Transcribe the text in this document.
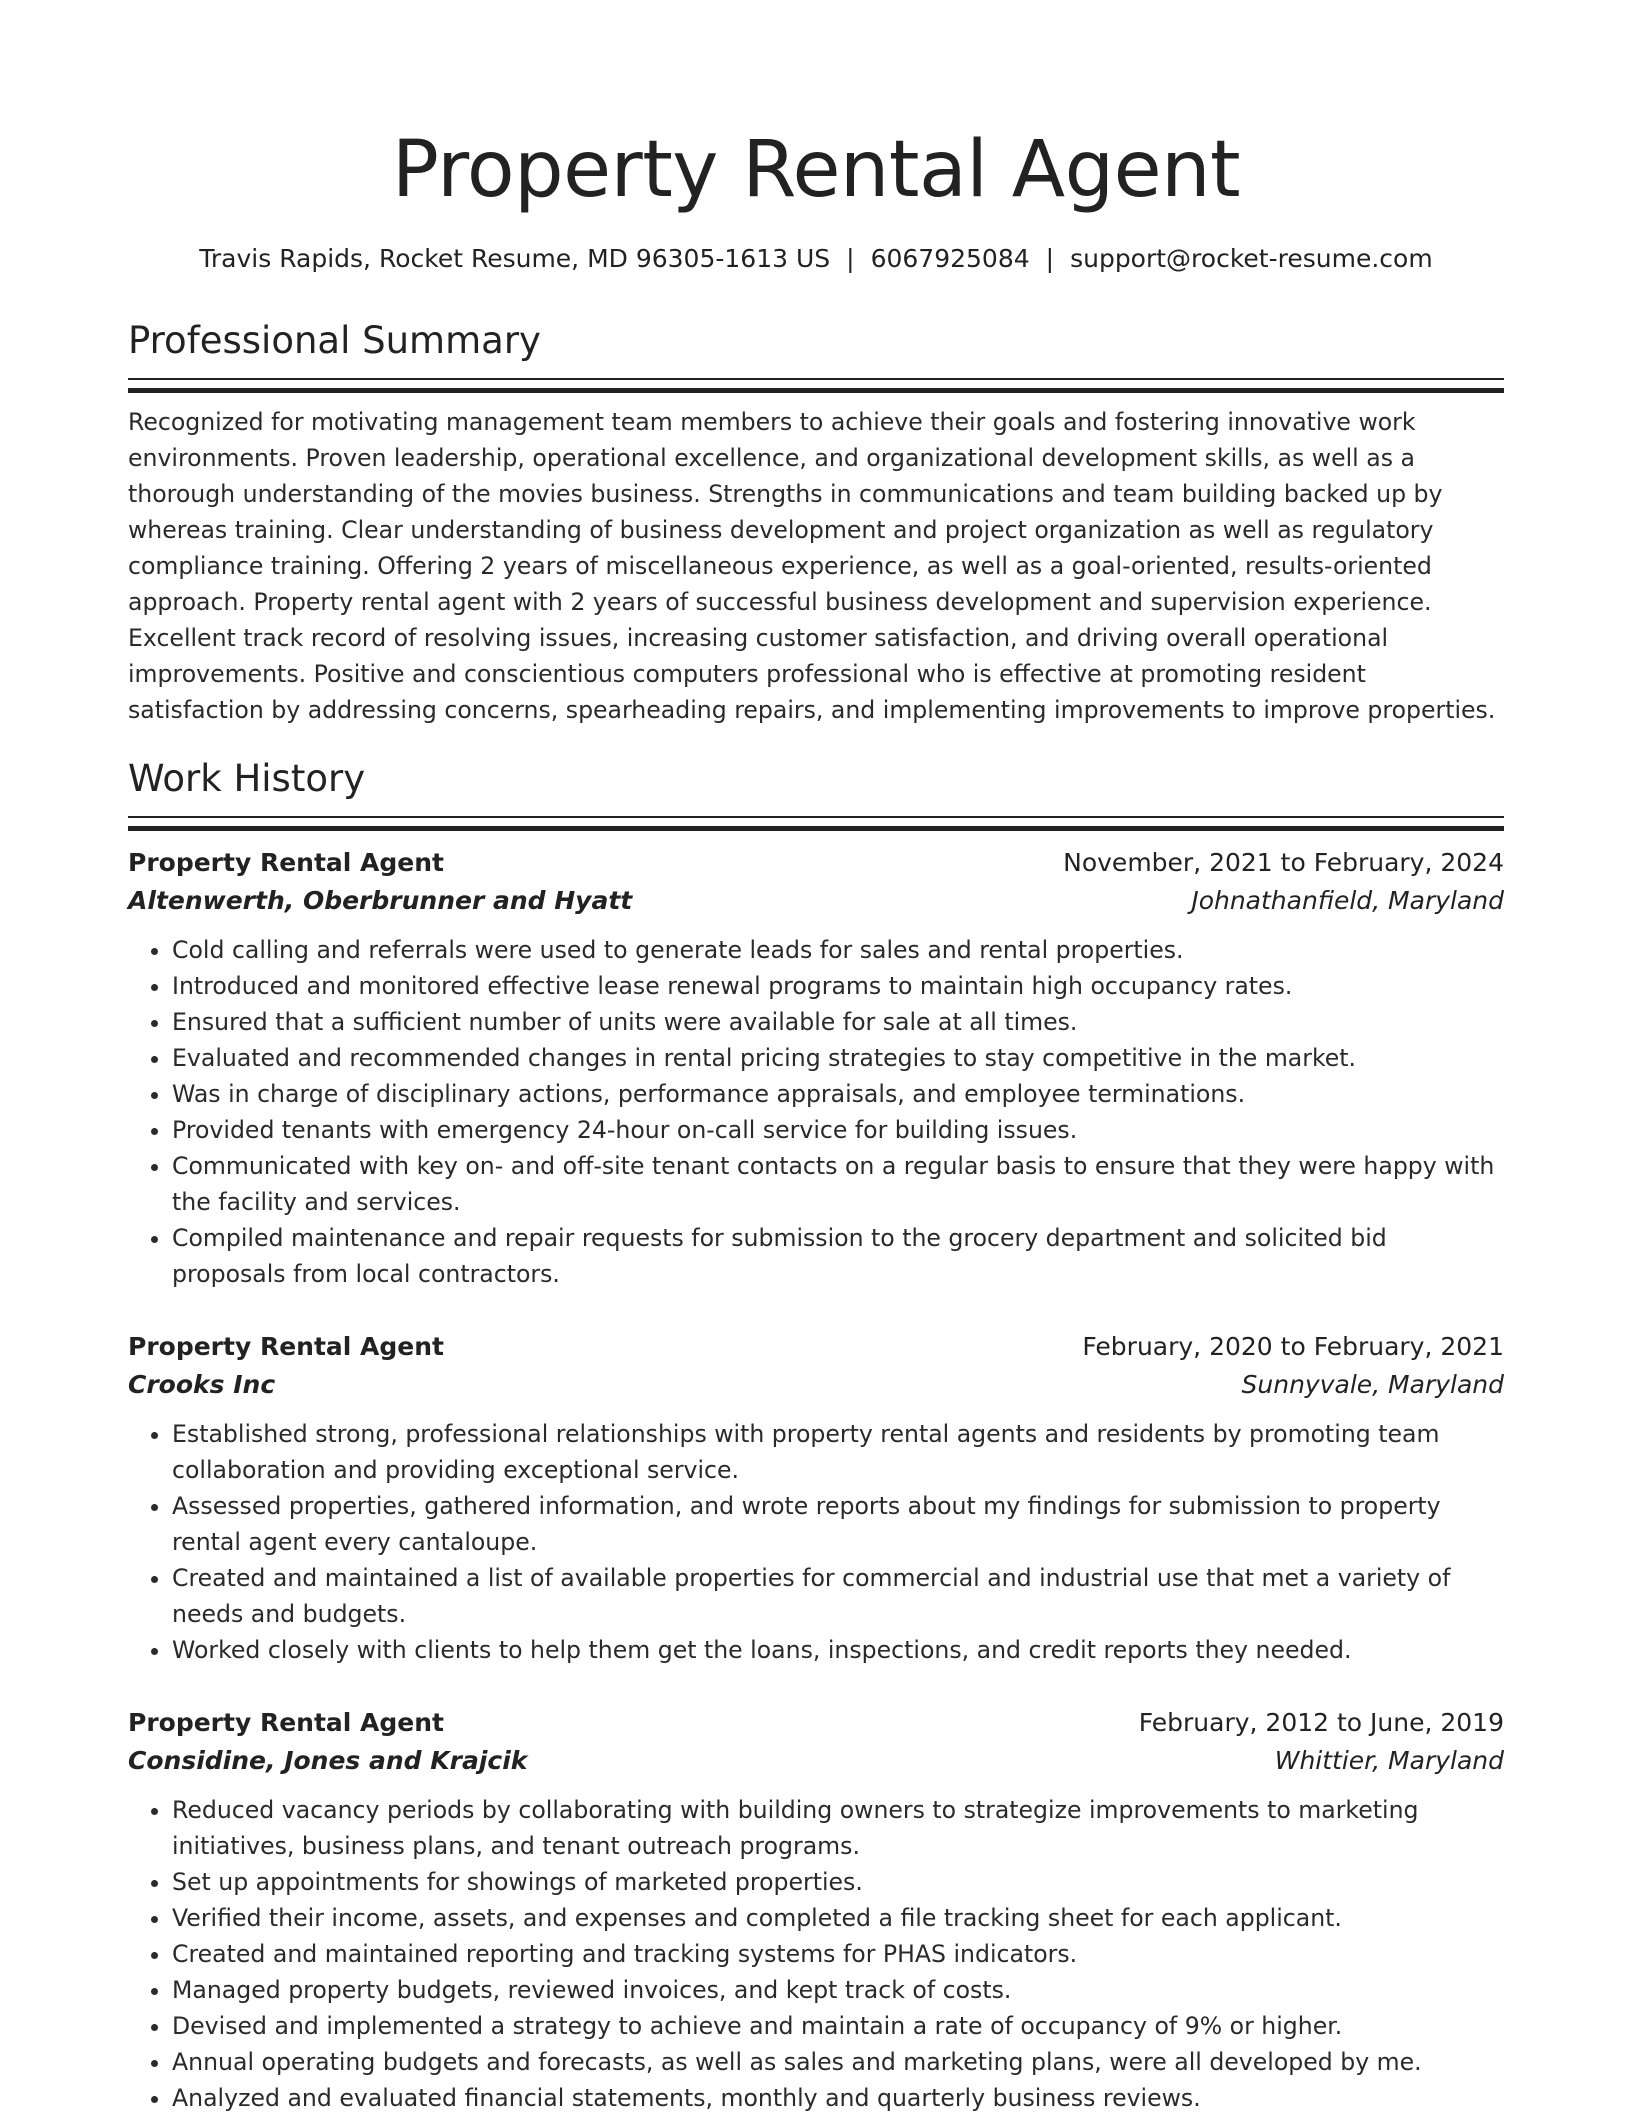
Property Rental Agent
Travis Rapids, Rocket Resume, MD 96305-1613 US | 6067925084 | support@rocket-resume.com
Professional Summary

Recognized for motivating management team members to achieve their goals and fostering innovative work environments. Proven leadership, operational excellence, and organizational development skills, as well as a thorough understanding of the movies business. Strengths in communications and team building backed up by whereas training. Clear understanding of business development and project organization as well as regulatory compliance training. Offering 2 years of miscellaneous experience, as well as a goal-oriented, results-oriented approach. Property rental agent with 2 years of successful business development and supervision experience. Excellent track record of resolving issues, increasing customer satisfaction, and driving overall operational improvements. Positive and conscientious computers professional who is effective at promoting resident satisfaction by addressing concerns, spearheading repairs, and implementing improvements to improve properties.

Work History
Property Rental Agent	November, 2021 to February, 2024
Altenwerth, Oberbrunner and Hyatt	Johnathanfield, Maryland
• Cold calling and referrals were used to generate leads for sales and rental properties.
• Introduced and monitored effective lease renewal programs to maintain high occupancy rates.
• Ensured that a sufficient number of units were available for sale at all times.
• Evaluated and recommended changes in rental pricing strategies to stay competitive in the market.
• Was in charge of disciplinary actions, performance appraisals, and employee terminations.
• Provided tenants with emergency 24-hour on-call service for building issues.
• Communicated with key on- and off-site tenant contacts on a regular basis to ensure that they were happy with the facility and services.
• Compiled maintenance and repair requests for submission to the grocery department and solicited bid proposals from local contractors.
Property Rental Agent	February, 2020 to February, 2021
Crooks Inc	Sunnyvale, Maryland
• Established strong, professional relationships with property rental agents and residents by promoting team collaboration and providing exceptional service.
• Assessed properties, gathered information, and wrote reports about my findings for submission to property rental agent every cantaloupe.
• Created and maintained a list of available properties for commercial and industrial use that met a variety of needs and budgets.
• Worked closely with clients to help them get the loans, inspections, and credit reports they needed.
Property Rental Agent	February, 2012 to June, 2019
Considine, Jones and Krajcik	Whittier, Maryland
• Reduced vacancy periods by collaborating with building owners to strategize improvements to marketing initiatives, business plans, and tenant outreach programs.
• Set up appointments for showings of marketed properties.
• Verified their income, assets, and expenses and completed a file tracking sheet for each applicant.
• Created and maintained reporting and tracking systems for PHAS indicators.
• Managed property budgets, reviewed invoices, and kept track of costs.
• Devised and implemented a strategy to achieve and maintain a rate of occupancy of 9% or higher.
• Annual operating budgets and forecasts, as well as sales and marketing plans, were all developed by me.
• Analyzed and evaluated financial statements, monthly and quarterly business reviews.
